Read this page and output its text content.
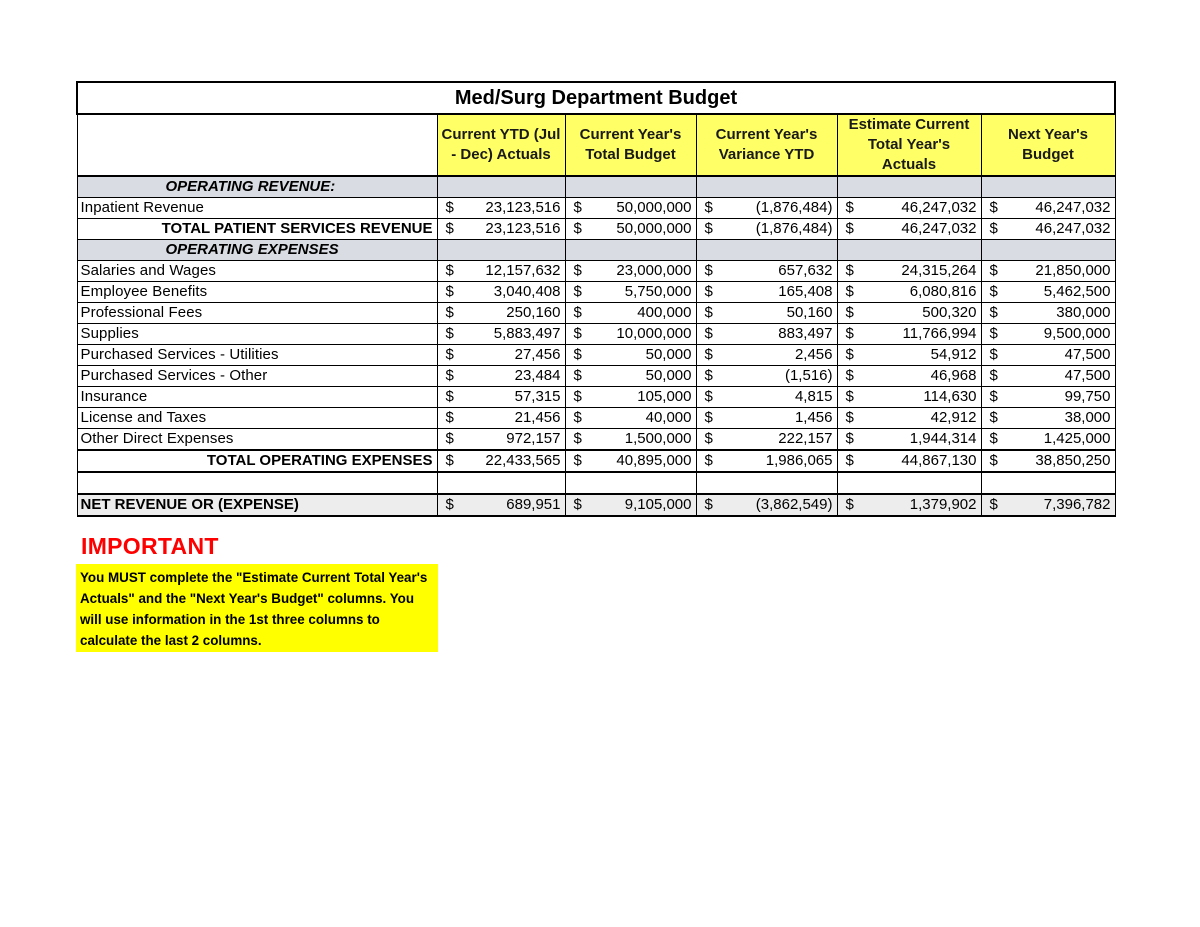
Med/Surg Department Budget					
	Current YTD (Jul - Dec) Actuals	Current Year's Total Budget	Current Year's Variance YTD	Estimate Current Total Year's Actuals	Next Year's Budget
OPERATING REVENUE:					
Inpatient Revenue	$ 23,123,516	$ 50,000,000	$ (1,876,484)	$ 46,247,032	$ 46,247,032

TOTAL PATIENT SERVICES REVENUE	$ 23,123,516	$ 50,000,000	$ (1,876,484)	$ 46,247,032	$ 46,247,032

OPERATING EXPENSES					
Salaries and Wages	$ 12,157,632	$ 23,000,000	$ 657,632	$ 24,315,264	$ 21,850,000

Employee Benefits	$ 3,040,408	$ 5,750,000	$ 165,408	$ 6,080,816	$ 5,462,500

Professional Fees	$ 250,160	$ 400,000	$ 50,160	$ 500,320	$ 380,000

Supplies	$ 5,883,497	$ 10,000,000	$ 883,497	$ 11,766,994	$ 9,500,000

Purchased Services - Utilities	$ 27,456	$ 50,000	$ 2,456	$ 54,912	$ 47,500

Purchased Services - Other	$ 23,484	$ 50,000	$ (1,516)	$ 46,968	$ 47,500

Insurance	$ 57,315	$ 105,000	$ 4,815	$ 114,630	$ 99,750

License and Taxes	$ 21,456	$ 40,000	$ 1,456	$ 42,912	$ 38,000

Other Direct Expenses	$ 972,157	$ 1,500,000	$ 222,157	$ 1,944,314	$ 1,425,000

TOTAL OPERATING EXPENSES	$ 22,433,565	$ 40,895,000	$ 1,986,065	$ 44,867,130	$ 38,850,250

NET REVENUE OR (EXPENSE)	$ 689,951	$ 9,105,000	$ (3,862,549)	$ 1,379,902	$ 7,396,782
IMPORTANT
You MUST complete the "Estimate Current Total Year's Actuals" and the "Next Year's Budget" columns. You will use information in the 1st three columns to calculate the last 2 columns.
